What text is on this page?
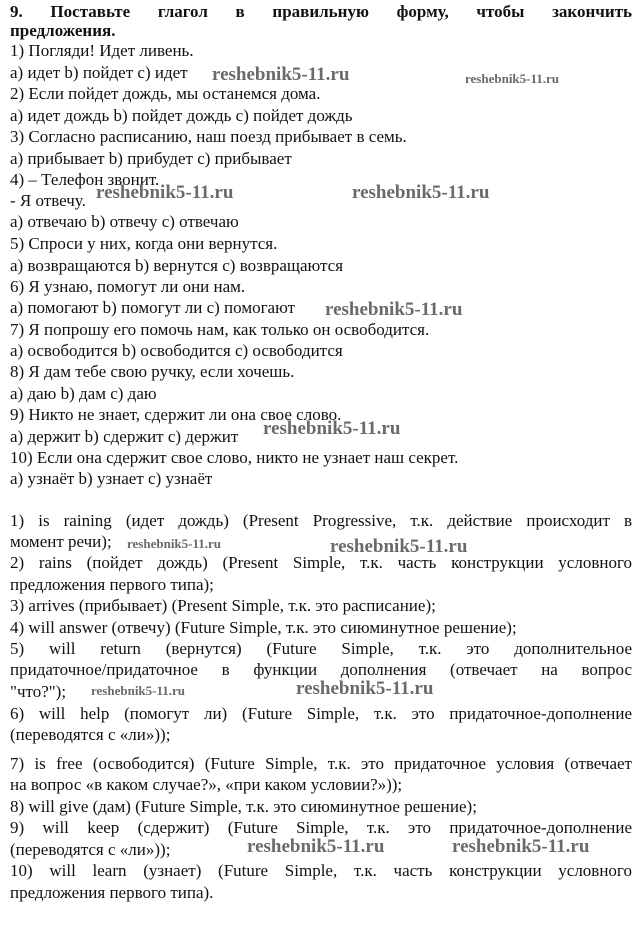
9. Поставьте глагол в правильную форму, чтобы закончить
предложения.
1) Погляди! Идет ливень.
a) идет b) пойдет c) идет
2) Если пойдет дождь, мы останемся дома.
a) идет дождь b) пойдет дождь c) пойдет дождь
3) Согласно расписанию, наш поезд прибывает в семь.
a) прибывает b) прибудет c) прибывает
4) – Телефон звонит.
- Я отвечу.
a) отвечаю b) отвечу c) отвечаю
5) Спроси у них, когда они вернутся.
a) возвращаются b) вернутся c) возвращаются
6) Я узнаю, помогут ли они нам.
a) помогают b) помогут ли c) помогают
7) Я попрошу его помочь нам, как только он освободится.
a) освободится b) освободится c) освободится
8) Я дам тебе свою ручку, если хочешь.
a) даю b) дам c) даю
9) Никто не знает, сдержит ли она свое слово.
a) держит b) сдержит c) держит
10) Если она сдержит свое слово, никто не узнает наш секрет.
a) узнаёт b) узнает c) узнаёт
1) is raining (идет дождь) (Present Progressive, т.к. действие происходит в
момент речи);
2) rains (пойдет дождь) (Present Simple, т.к. часть конструкции условного
предложения первого типа);
3) arrives (прибывает) (Present Simple, т.к. это расписание);
4) will answer (отвечу) (Future Simple, т.к. это сиюминутное решение);
5) will return (вернутся) (Future Simple, т.к. это дополнительное
придаточное/придаточное в функции дополнения (отвечает на вопрос
"что?");
6) will help (помогут ли) (Future Simple, т.к. это придаточное-дополнение
(переводятся с «ли»));
7) is free (освободится) (Future Simple, т.к. это придаточное условия (отвечает
на вопрос «в каком случае?», «при каком условии?»));
8) will give (дам) (Future Simple, т.к. это сиюминутное решение);
9) will keep (сдержит) (Future Simple, т.к. это придаточное-дополнение
(переводятся с «ли»));
10) will learn (узнает) (Future Simple, т.к. часть конструкции условного
предложения первого типа).
reshebnik5-11.ru	reshebnik5-11.ru
reshebnik5-11.ru	reshebnik5-11.ru
reshebnik5-11.ru
reshebnik5-11.ru
reshebnik5-11.ru	reshebnik5-11.ru
reshebnik5-11.ru	reshebnik5-11.ru
reshebnik5-11.ru	reshebnik5-11.ru
